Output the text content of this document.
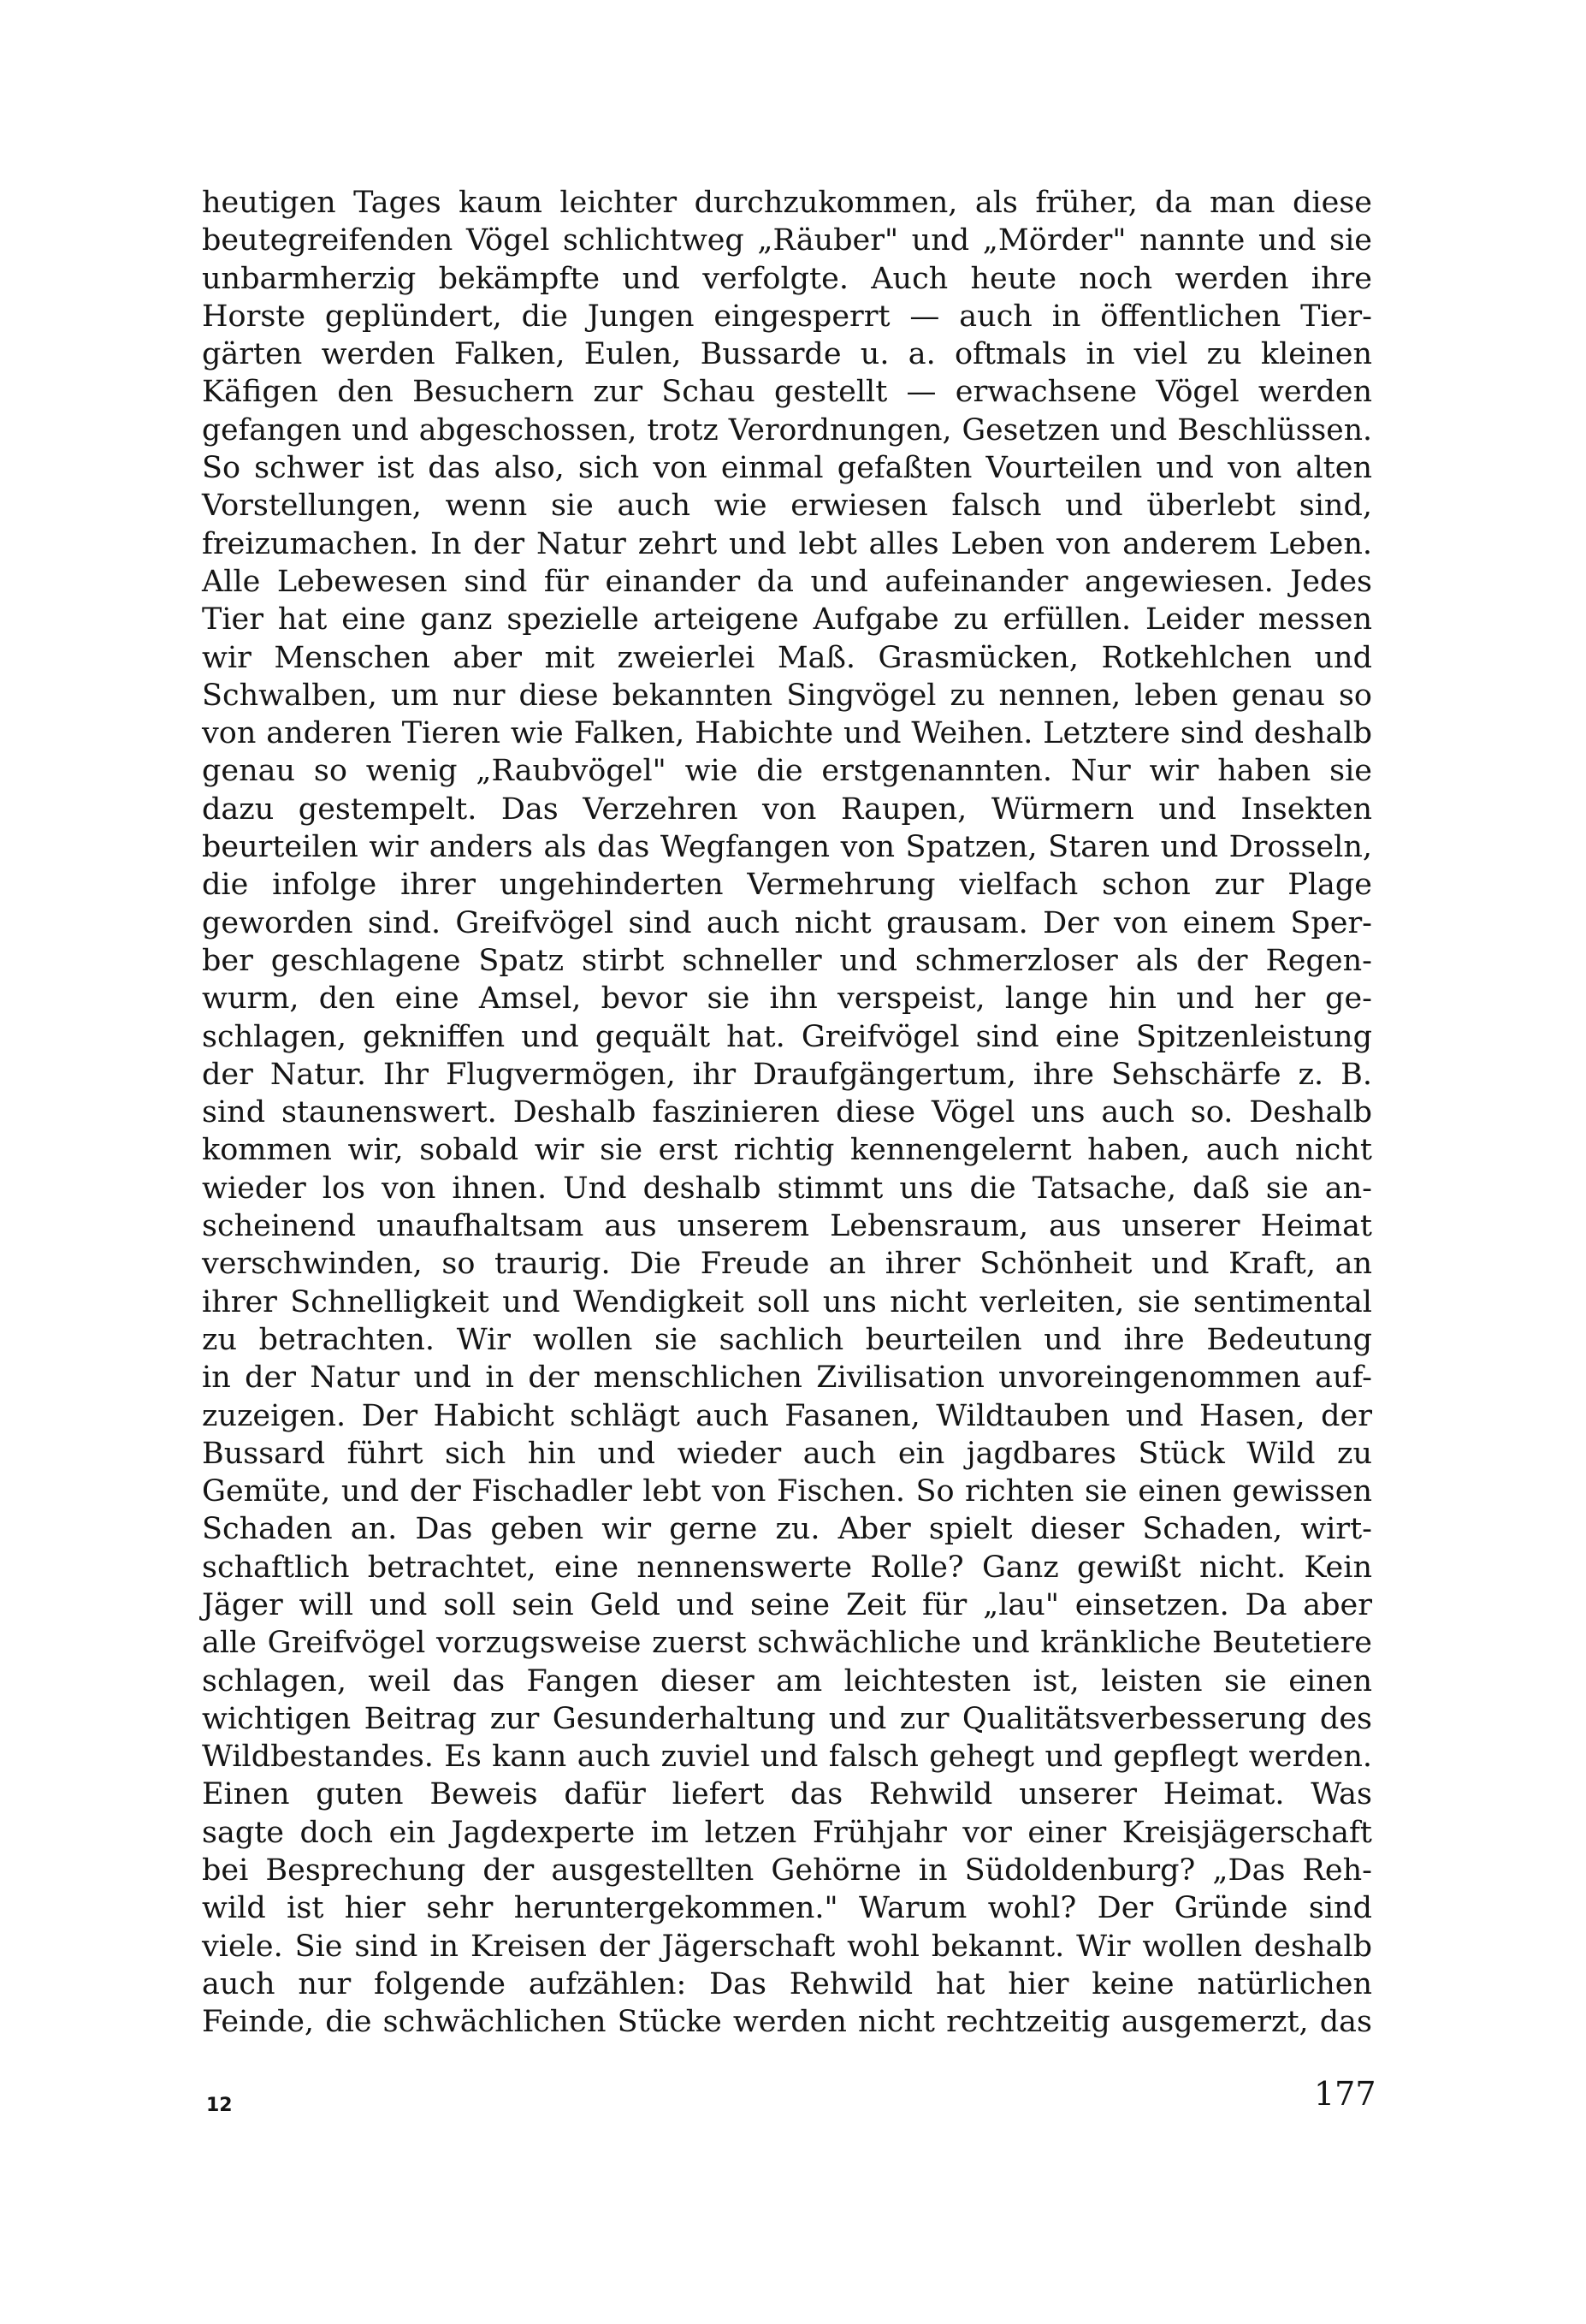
heutigen Tages kaum leichter durchzukommen, als früher, da man diese
beutegreifenden Vögel schlichtweg „Räuber" und „Mörder" nannte und sie
unbarmherzig bekämpfte und verfolgte. Auch heute noch werden ihre
Horste geplündert, die Jungen eingesperrt — auch in öffentlichen Tier-
gärten werden Falken, Eulen, Bussarde u. a. oftmals in viel zu kleinen
Käfigen den Besuchern zur Schau gestellt — erwachsene Vögel werden
gefangen und abgeschossen, trotz Verordnungen, Gesetzen und Beschlüssen.
So schwer ist das also, sich von einmal gefaßten Vourteilen und von alten
Vorstellungen, wenn sie auch wie erwiesen falsch und überlebt sind,
freizumachen. In der Natur zehrt und lebt alles Leben von anderem Leben.
Alle Lebewesen sind für einander da und aufeinander angewiesen. Jedes
Tier hat eine ganz spezielle arteigene Aufgabe zu erfüllen. Leider messen
wir Menschen aber mit zweierlei Maß. Grasmücken, Rotkehlchen und
Schwalben, um nur diese bekannten Singvögel zu nennen, leben genau so
von anderen Tieren wie Falken, Habichte und Weihen. Letztere sind deshalb
genau so wenig „Raubvögel" wie die erstgenannten. Nur wir haben sie
dazu gestempelt. Das Verzehren von Raupen, Würmern und Insekten
beurteilen wir anders als das Wegfangen von Spatzen, Staren und Drosseln,
die infolge ihrer ungehinderten Vermehrung vielfach schon zur Plage
geworden sind. Greifvögel sind auch nicht grausam. Der von einem Sper-
ber geschlagene Spatz stirbt schneller und schmerzloser als der Regen-
wurm, den eine Amsel, bevor sie ihn verspeist, lange hin und her ge-
schlagen, gekniffen und gequält hat. Greifvögel sind eine Spitzenleistung
der Natur. Ihr Flugvermögen, ihr Draufgängertum, ihre Sehschärfe z. B.
sind staunenswert. Deshalb faszinieren diese Vögel uns auch so. Deshalb
kommen wir, sobald wir sie erst richtig kennengelernt haben, auch nicht
wieder los von ihnen. Und deshalb stimmt uns die Tatsache, daß sie an-
scheinend unaufhaltsam aus unserem Lebensraum, aus unserer Heimat
verschwinden, so traurig. Die Freude an ihrer Schönheit und Kraft, an
ihrer Schnelligkeit und Wendigkeit soll uns nicht verleiten, sie sentimental
zu betrachten. Wir wollen sie sachlich beurteilen und ihre Bedeutung
in der Natur und in der menschlichen Zivilisation unvoreingenommen auf-
zuzeigen. Der Habicht schlägt auch Fasanen, Wildtauben und Hasen, der
Bussard führt sich hin und wieder auch ein jagdbares Stück Wild zu
Gemüte, und der Fischadler lebt von Fischen. So richten sie einen gewissen
Schaden an. Das geben wir gerne zu. Aber spielt dieser Schaden, wirt-
schaftlich betrachtet, eine nennenswerte Rolle? Ganz gewißt nicht. Kein
Jäger will und soll sein Geld und seine Zeit für „lau" einsetzen. Da aber
alle Greifvögel vorzugsweise zuerst schwächliche und kränkliche Beutetiere
schlagen, weil das Fangen dieser am leichtesten ist, leisten sie einen
wichtigen Beitrag zur Gesunderhaltung und zur Qualitätsverbesserung des
Wildbestandes. Es kann auch zuviel und falsch gehegt und gepflegt werden.
Einen guten Beweis dafür liefert das Rehwild unserer Heimat. Was
sagte doch ein Jagdexperte im letzen Frühjahr vor einer Kreisjägerschaft
bei Besprechung der ausgestellten Gehörne in Südoldenburg? „Das Reh-
wild ist hier sehr heruntergekommen." Warum wohl? Der Gründe sind
viele. Sie sind in Kreisen der Jägerschaft wohl bekannt. Wir wollen deshalb
auch nur folgende aufzählen: Das Rehwild hat hier keine natürlichen
Feinde, die schwächlichen Stücke werden nicht rechtzeitig ausgemerzt, das
12	177
